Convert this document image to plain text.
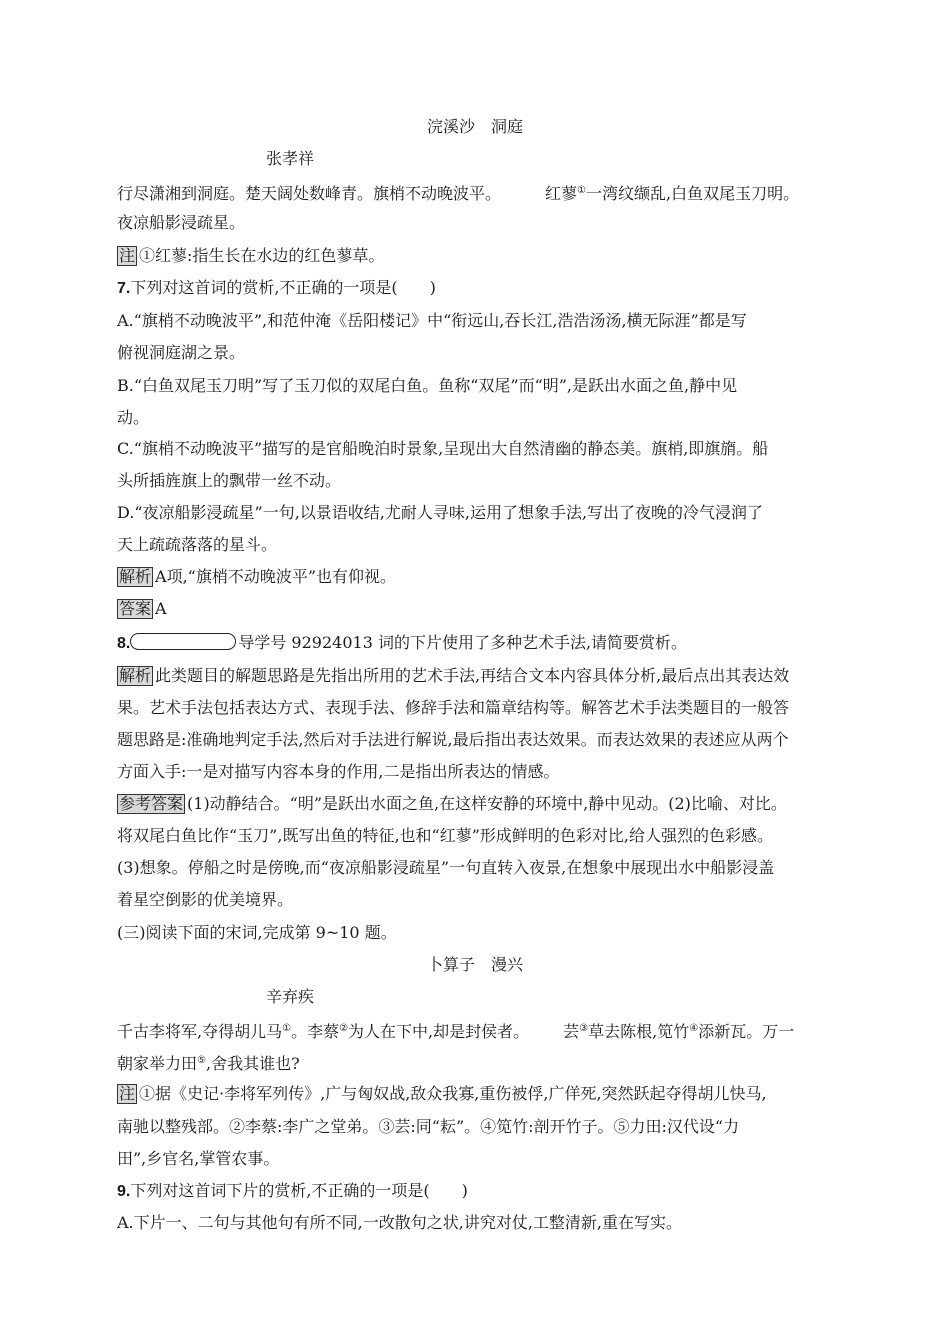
浣溪沙　洞庭
张孝祥
行尽潇湘到洞庭。楚天阔处数峰青。旗梢不动晚波平。	红蓼①一湾纹缬乱,白鱼双尾玉刀明。
夜凉船影浸疏星。
注 ①红蓼:指生长在水边的红色蓼草。
7.下列对这首词的赏析,不正确的一项是(　　)
A.“旗梢不动晚波平”,和范仲淹《岳阳楼记》中“衔远山,吞长江,浩浩汤汤,横无际涯”都是写
俯视洞庭湖之景。
B.“白鱼双尾玉刀明”写了玉刀似的双尾白鱼。鱼称“双尾”而“明”,是跃出水面之鱼,静中见
动。
C.“旗梢不动晚波平”描写的是官船晚泊时景象,呈现出大自然清幽的静态美。旗梢,即旗旓。船
头所插旌旗上的飘带一丝不动。
D.“夜凉船影浸疏星”一句,以景语收结,尤耐人寻味,运用了想象手法,写出了夜晚的冷气浸润了
天上疏疏落落的星斗。
解析 A项,“旗梢不动晚波平”也有仰视。
答案 A
8.	导学号 92924013 词的下片使用了多种艺术手法,请简要赏析。
解析 此类题目的解题思路是先指出所用的艺术手法,再结合文本内容具体分析,最后点出其表达效
果。艺术手法包括表达方式、表现手法、修辞手法和篇章结构等。解答艺术手法类题目的一般答
题思路是:准确地判定手法,然后对手法进行解说,最后指出表达效果。而表达效果的表述应从两个
方面入手:一是对描写内容本身的作用,二是指出所表达的情感。
参考答案 (1)动静结合。“明”是跃出水面之鱼,在这样安静的环境中,静中见动。(2)比喻、对比。
将双尾白鱼比作“玉刀”,既写出鱼的特征,也和“红蓼”形成鲜明的色彩对比,给人强烈的色彩感。
(3)想象。停船之时是傍晚,而“夜凉船影浸疏星”一句直转入夜景,在想象中展现出水中船影浸盖
着星空倒影的优美境界。
(三)阅读下面的宋词,完成第 9~10 题。
卜算子　漫兴
辛弃疾
千古李将军,夺得胡儿马①。李蔡②为人在下中,却是封侯者。 芸③草去陈根,笕竹④添新瓦。万一
朝家举力田⑤,舍我其谁也?
注 ①据《史记·李将军列传》,广与匈奴战,敌众我寡,重伤被俘,广佯死,突然跃起夺得胡儿快马,
南驰以整残部。②李蔡:李广之堂弟。③芸:同“耘”。④笕竹:剖开竹子。⑤力田:汉代设“力
田”,乡官名,掌管农事。
9.下列对这首词下片的赏析,不正确的一项是(　　)
A.下片一、二句与其他句有所不同,一改散句之状,讲究对仗,工整清新,重在写实。
